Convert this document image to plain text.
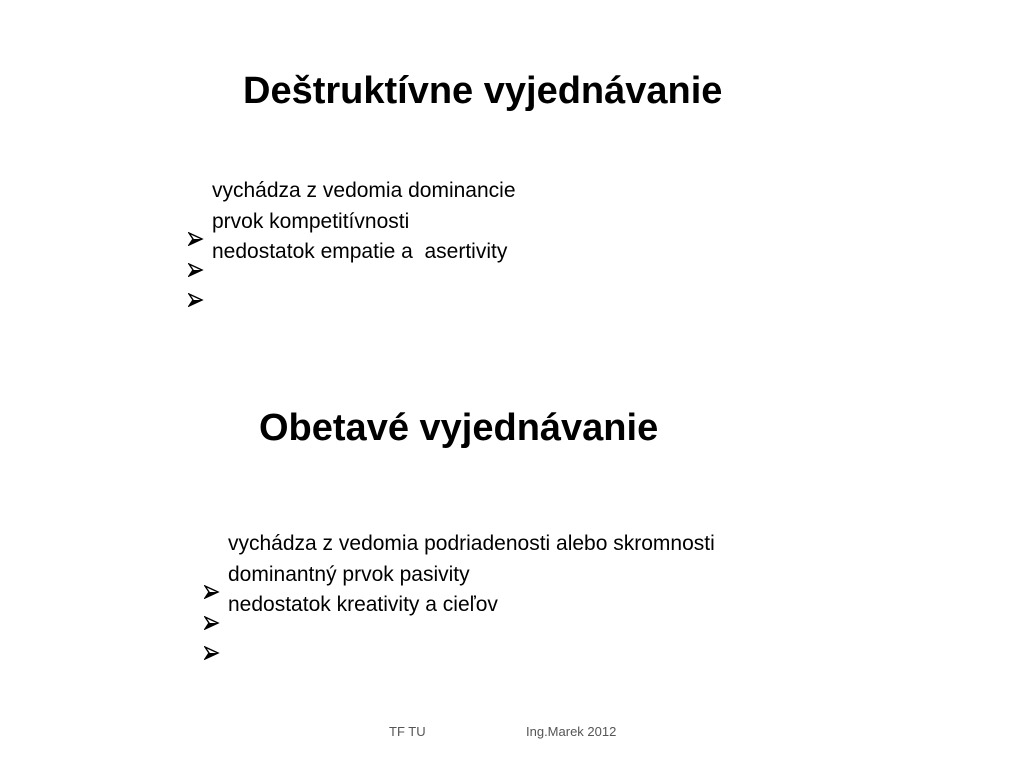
Deštruktívne vyjednávanie

vychádza z vedomia dominancie

prvok kompetitívnosti

nedostatok empatie a  asertivity
Obetavé vyjednávanie

vychádza z vedomia podriadenosti alebo skromnosti

dominantný prvok pasivity

nedostatok kreativity a cieľov
TF TU	Ing.Marek 2012
